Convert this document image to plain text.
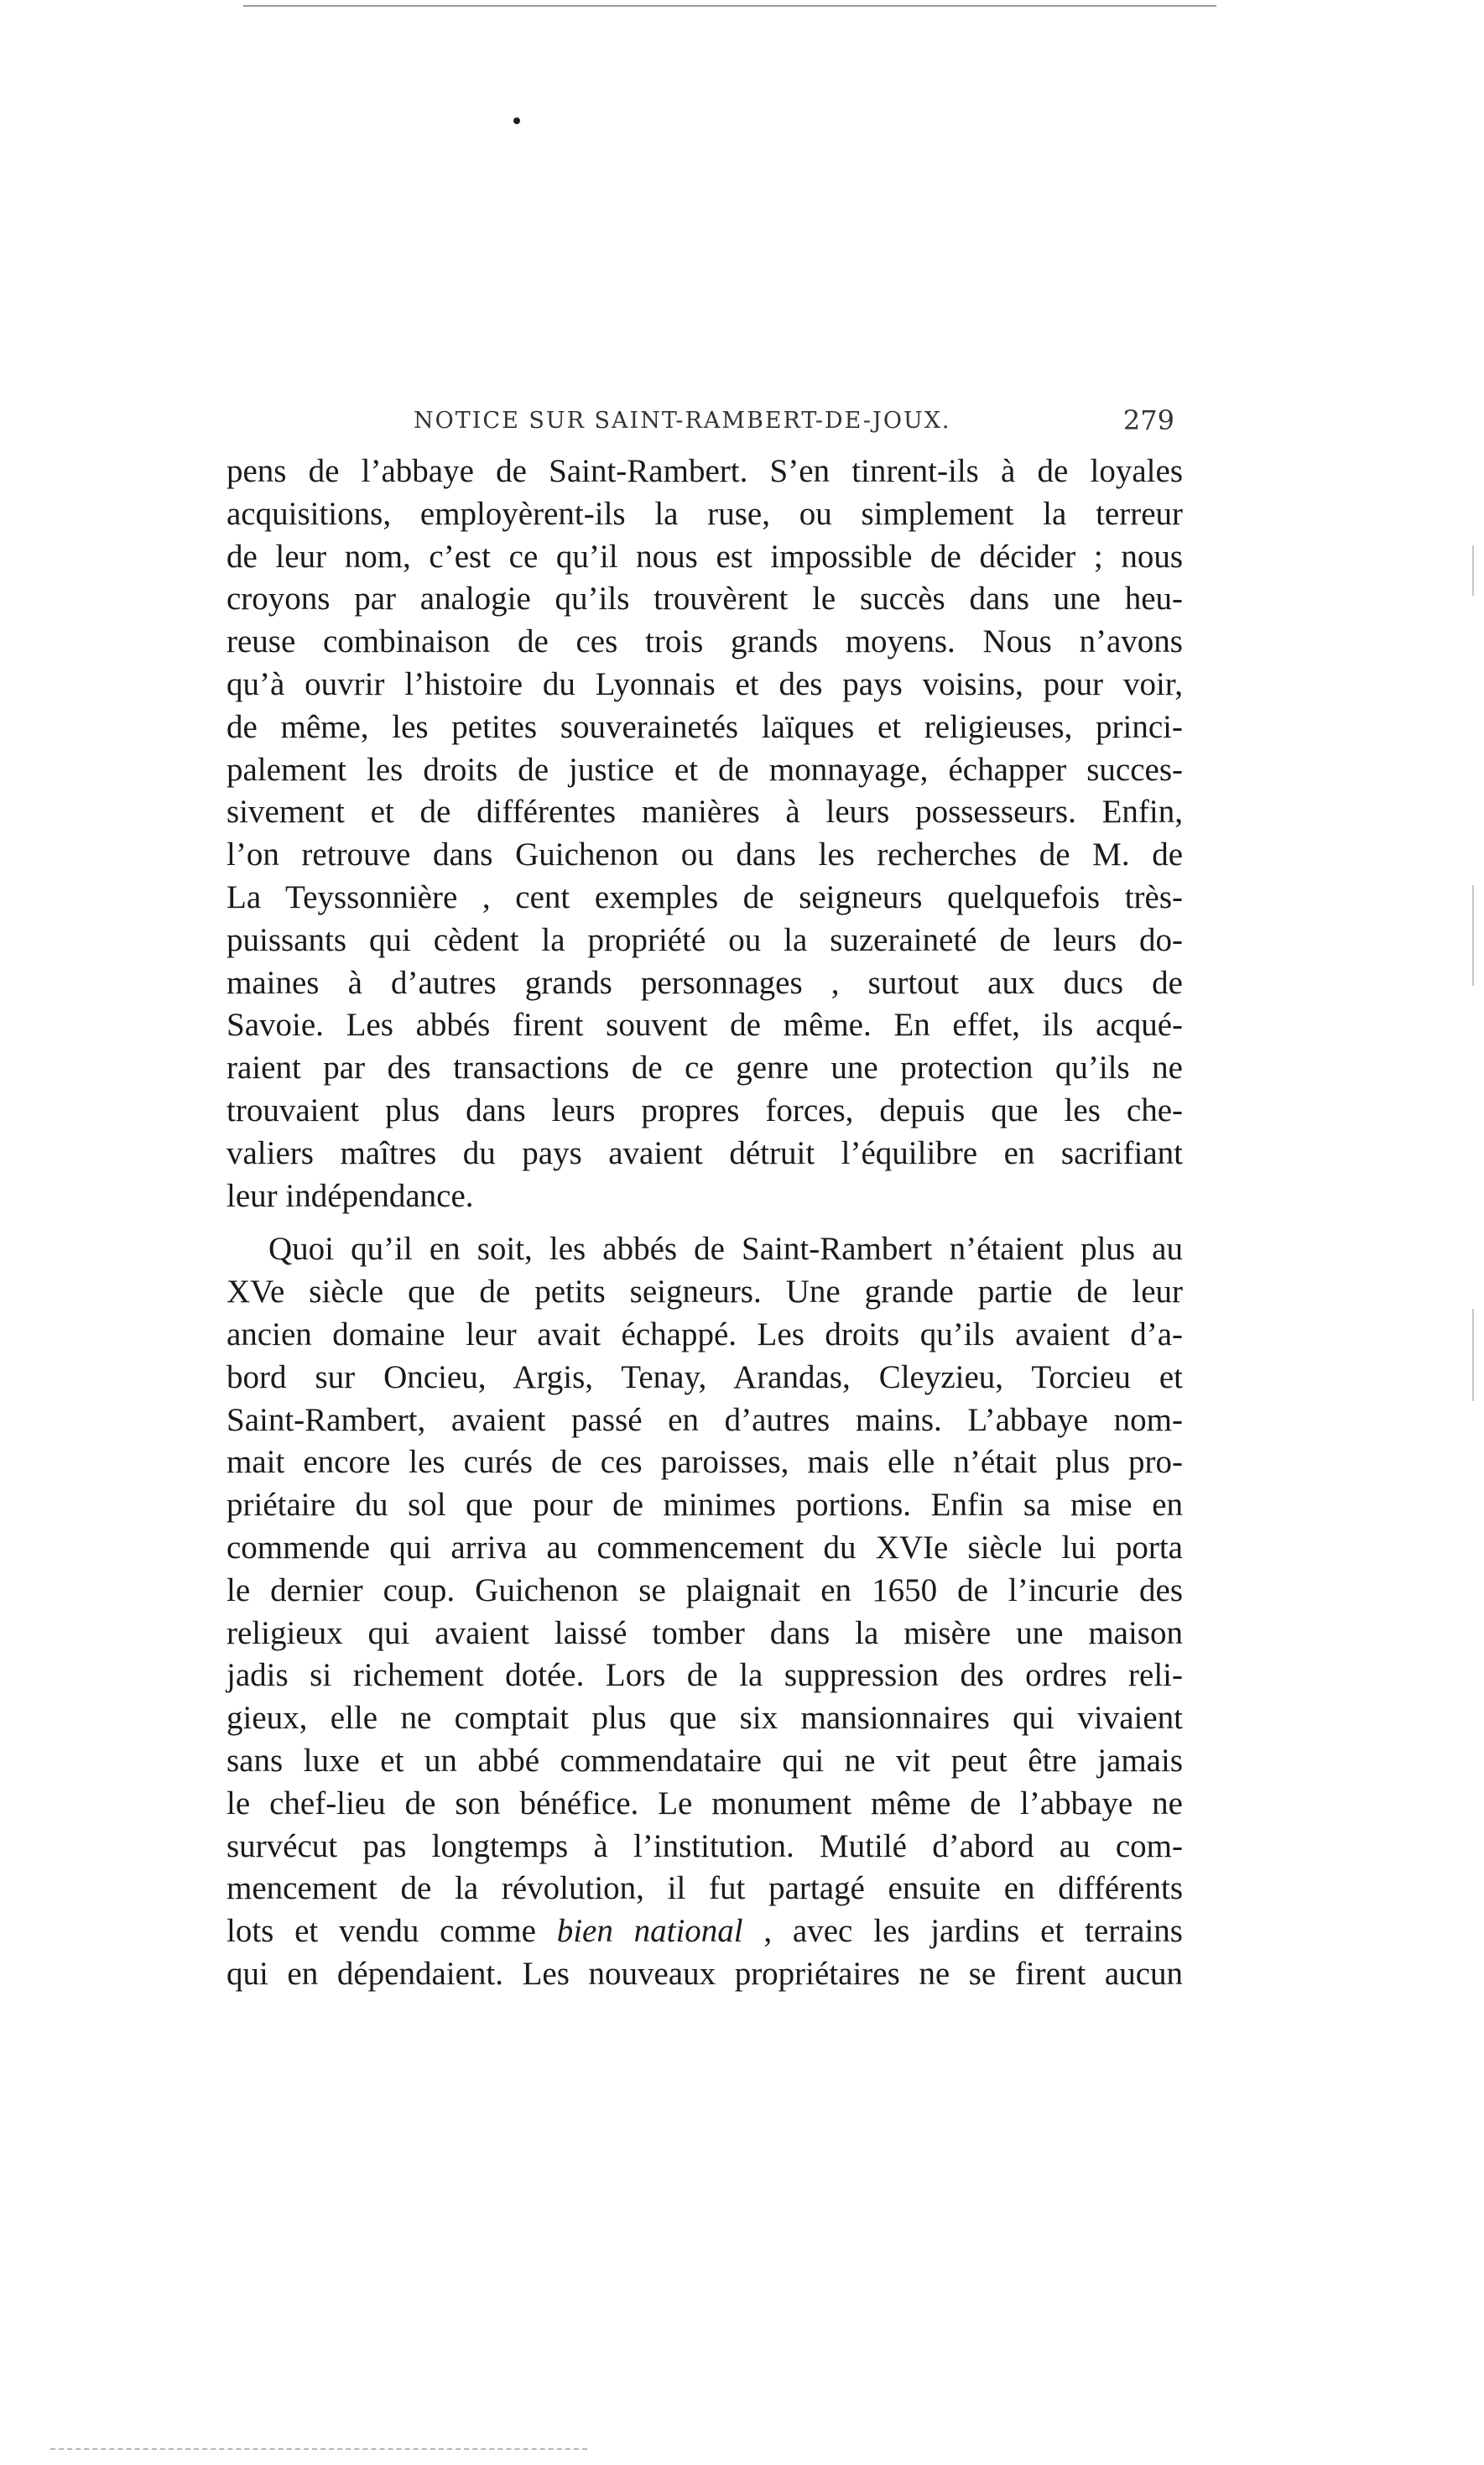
NOTICE SUR SAINT-RAMBERT-DE-JOUX.	279

pens de l’abbaye de Saint-Rambert. S’en tinrent-ils à de loyales
acquisitions, employèrent-ils la ruse, ou simplement la terreur
de leur nom, c’est ce qu’il nous est impossible de décider ; nous
croyons par analogie qu’ils trouvèrent le succès dans une heu-
reuse combinaison de ces trois grands moyens. Nous n’avons
qu’à ouvrir l’histoire du Lyonnais et des pays voisins, pour voir,
de même, les petites souverainetés laïques et religieuses, princi-
palement les droits de justice et de monnayage, échapper succes-
sivement et de différentes manières à leurs possesseurs. Enfin,
l’on retrouve dans Guichenon ou dans les recherches de M. de
La Teyssonnière , cent exemples de seigneurs quelquefois très-
puissants qui cèdent la propriété ou la suzeraineté de leurs do-
maines à d’autres grands personnages , surtout aux ducs de
Savoie. Les abbés firent souvent de même. En effet, ils acqué-
raient par des transactions de ce genre une protection qu’ils ne
trouvaient plus dans leurs propres forces, depuis que les che-
valiers maîtres du pays avaient détruit l’équilibre en sacrifiant
leur indépendance.

Quoi qu’il en soit, les abbés de Saint-Rambert n’étaient plus au
XVe siècle que de petits seigneurs. Une grande partie de leur
ancien domaine leur avait échappé. Les droits qu’ils avaient d’a-
bord sur Oncieu, Argis, Tenay, Arandas, Cleyzieu, Torcieu et
Saint-Rambert, avaient passé en d’autres mains. L’abbaye nom-
mait encore les curés de ces paroisses, mais elle n’était plus pro-
priétaire du sol que pour de minimes portions. Enfin sa mise en
commende qui arriva au commencement du XVIe siècle lui porta
le dernier coup. Guichenon se plaignait en 1650 de l’incurie des
religieux qui avaient laissé tomber dans la misère une maison
jadis si richement dotée. Lors de la suppression des ordres reli-
gieux, elle ne comptait plus que six mansionnaires qui vivaient
sans luxe et un abbé commendataire qui ne vit peut être jamais
le chef-lieu de son bénéfice. Le monument même de l’abbaye ne
survécut pas longtemps à l’institution. Mutilé d’abord au com-
mencement de la révolution, il fut partagé ensuite en différents
lots et vendu comme bien national , avec les jardins et terrains
qui en dépendaient. Les nouveaux propriétaires ne se firent aucun
